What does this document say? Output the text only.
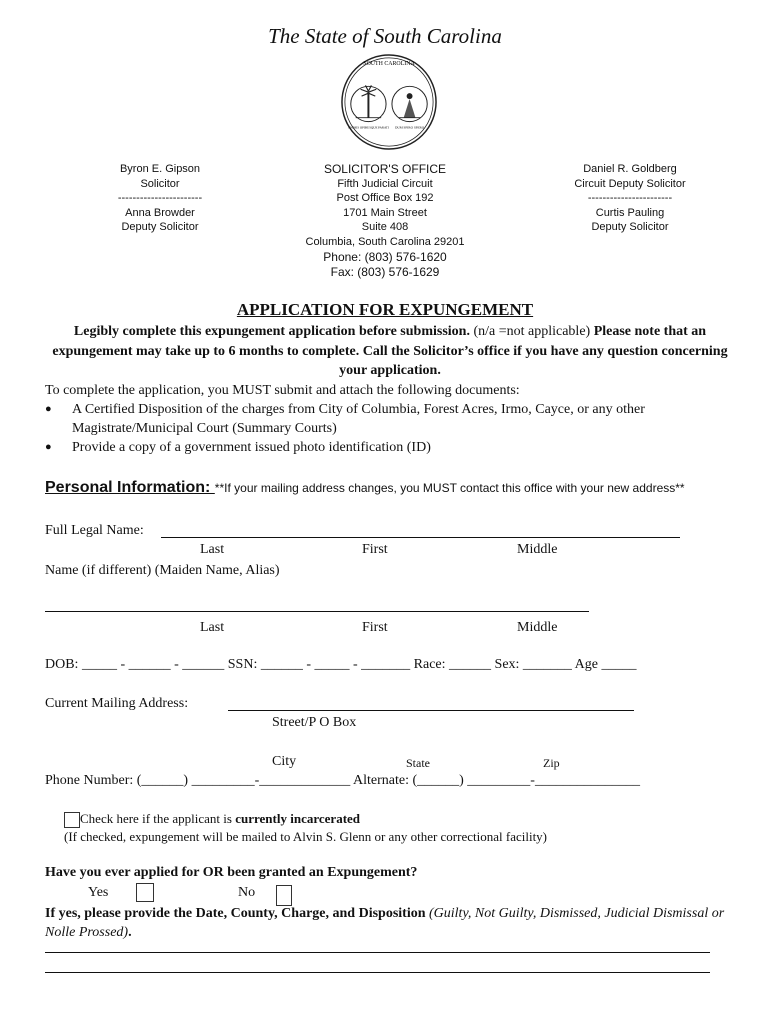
The State of South Carolina
SOUTH CAROLINA
ANIMIS OPIBUSQUE PARATI DUM SPIRO SPERO
Byron E. Gipson
Solicitor
-----------------------
Anna Browder
Deputy Solicitor
SOLICITOR'S OFFICE
Fifth Judicial Circuit
Post Office Box 192
1701 Main Street
Suite 408
Columbia, South Carolina 29201
Phone: (803) 576-1620
Fax: (803) 576-1629
Daniel R. Goldberg
Circuit Deputy Solicitor
-----------------------
Curtis Pauling
Deputy Solicitor
APPLICATION FOR EXPUNGEMENT
Legibly complete this expungement application before submission. (n/a =not applicable) Please note that an expungement may take up to 6 months to complete. Call the Solicitor’s office if you have any question concerning your application.
To complete the application, you MUST submit and attach the following documents:
● A Certified Disposition of the charges from City of Columbia, Forest Acres, Irmo, Cayce, or any other Magistrate/Municipal Court (Summary Courts)
● Provide a copy of a government issued photo identification (ID)
Personal Information: **If your mailing address changes, you MUST contact this office with your new address**
Full Legal Name:
Last	First	Middle
Name (if different) (Maiden Name, Alias)
Last	First	Middle
DOB: _____ - ______ - ______ SSN: ______ - _____ - _______ Race: ______ Sex: _______ Age _____
Current Mailing Address:
Street/P O Box
City	State	Zip
Phone Number: (______) _________-_____________ Alternate: (______) _________-_______________
Check here if the applicant is currently incarcerated
(If checked, expungement will be mailed to Alvin S. Glenn or any other correctional facility)
Have you ever applied for OR been granted an Expungement?
Yes	No
If yes, please provide the Date, County, Charge, and Disposition (Guilty, Not Guilty, Dismissed, Judicial Dismissal or Nolle Prossed).
